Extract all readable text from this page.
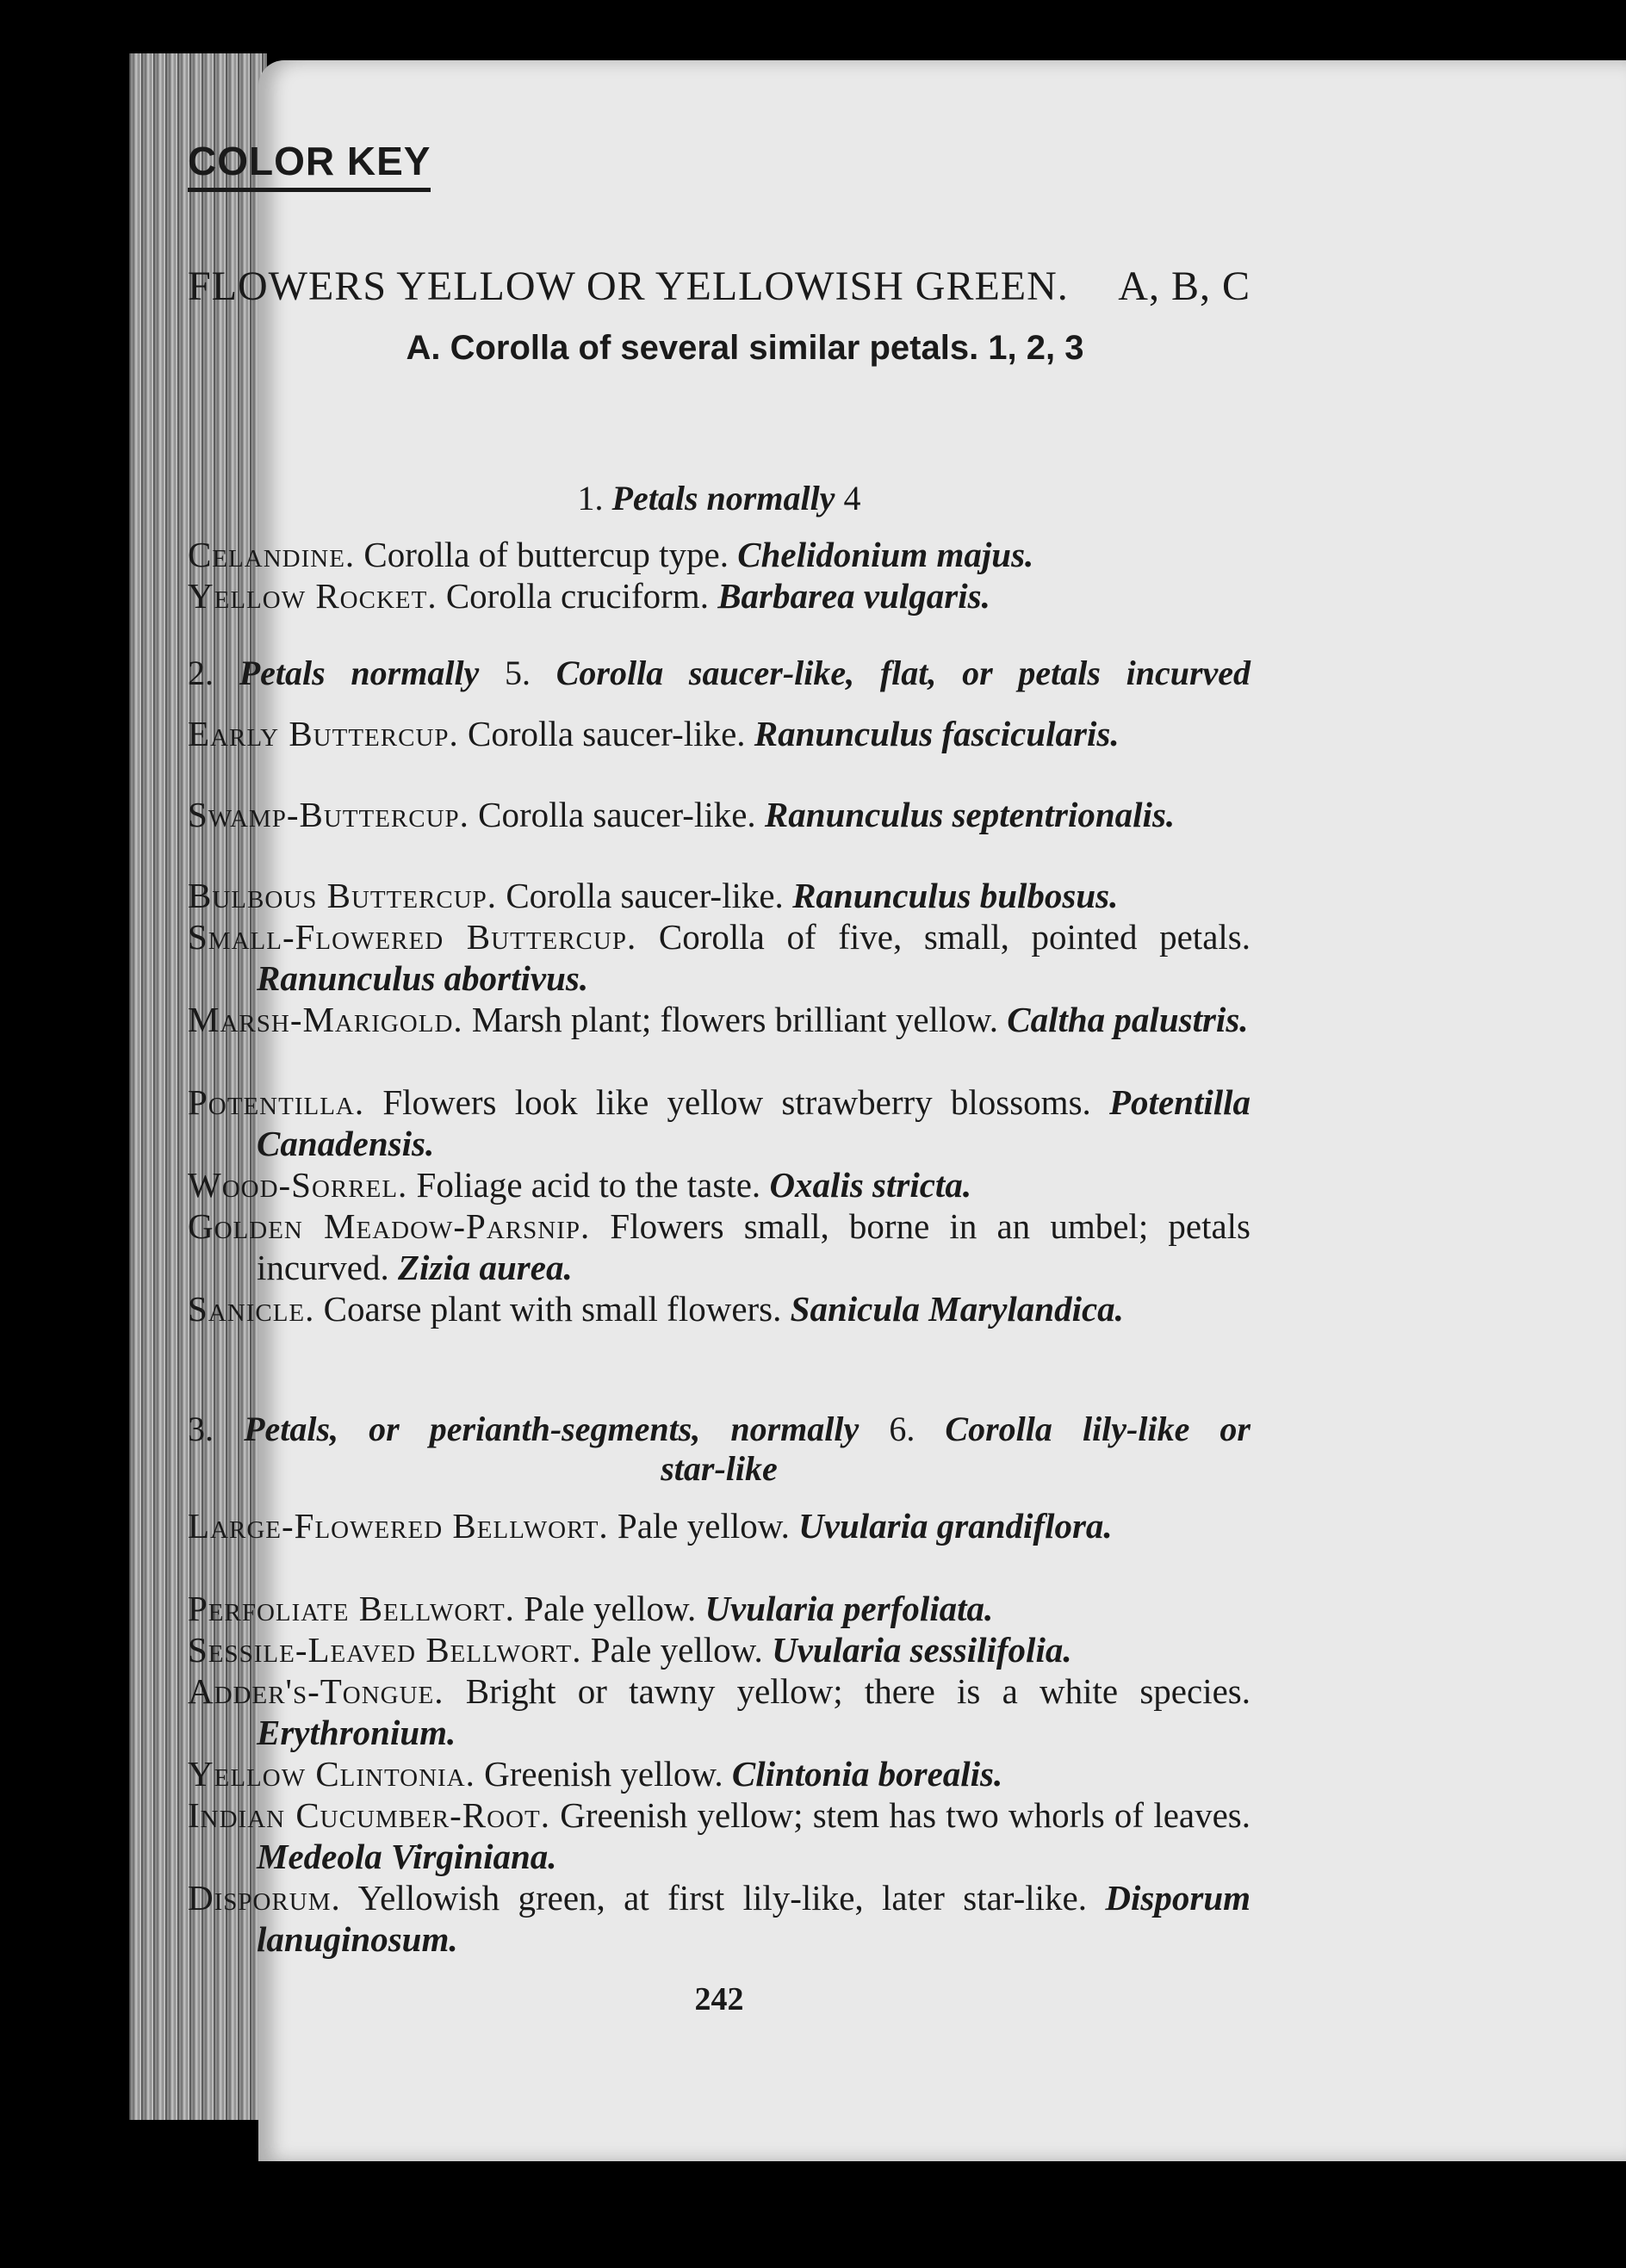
COLOR KEY
FLOWERS YELLOW OR YELLOWISH GREEN. A, B, C
A. Corolla of several similar petals. 1, 2, 3
1. Petals normally 4
Celandine. Corolla of buttercup type. Chelidonium majus.
Yellow Rocket. Corolla cruciform. Barbarea vulgaris.
2. Petals normally 5. Corolla saucer-like, flat, or petals incurved
Early Buttercup. Corolla saucer-like. Ranunculus fascicularis.
Swamp-Buttercup. Corolla saucer-like. Ranunculus septentrionalis.
Bulbous Buttercup. Corolla saucer-like. Ranunculus bulbosus.
Small-Flowered Buttercup. Corolla of five, small, pointed petals. Ranunculus abortivus.
Marsh-Marigold. Marsh plant; flowers brilliant yellow. Caltha palustris.
Potentilla. Flowers look like yellow strawberry blossoms. Potentilla Canadensis.
Wood-Sorrel. Foliage acid to the taste. Oxalis stricta.
Golden Meadow-Parsnip. Flowers small, borne in an umbel; petals incurved. Zizia aurea.
Sanicle. Coarse plant with small flowers. Sanicula Marylandica.
3. Petals, or perianth-segments, normally 6. Corolla lily-like or
star-like
Large-Flowered Bellwort. Pale yellow. Uvularia grandiflora.
Perfoliate Bellwort. Pale yellow. Uvularia perfoliata.
Sessile-Leaved Bellwort. Pale yellow. Uvularia sessilifolia.
Adder's-Tongue. Bright or tawny yellow; there is a white species. Erythronium.
Yellow Clintonia. Greenish yellow. Clintonia borealis.
Indian Cucumber-Root. Greenish yellow; stem has two whorls of leaves. Medeola Virginiana.
Disporum. Yellowish green, at first lily-like, later star-like. Disporum lanuginosum.
242
